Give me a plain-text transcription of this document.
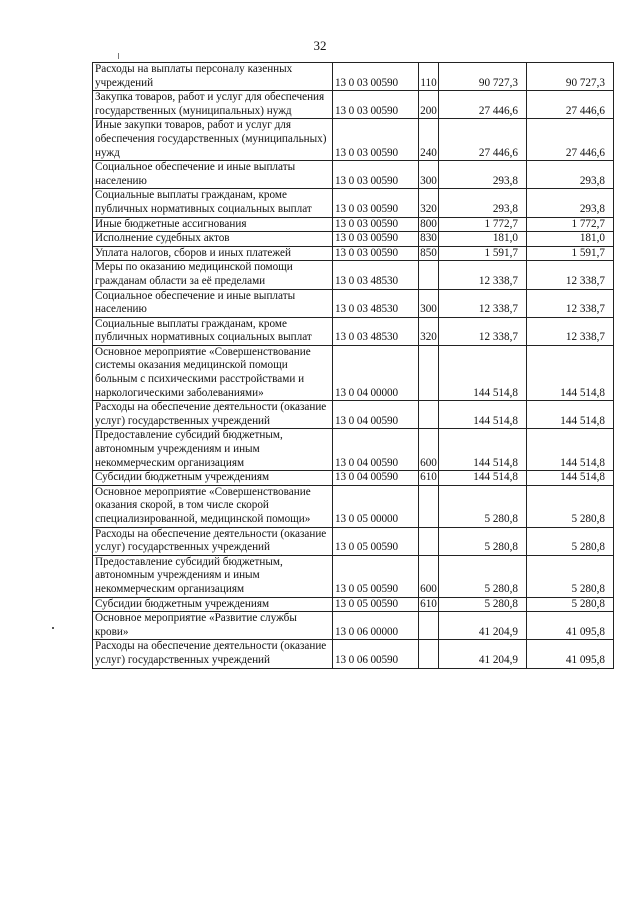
32
Расходы на выплаты персоналу казенных учреждений	13 0 03 00590	110	90 727,3	90 727,3
Закупка товаров, работ и услуг для обеспечения государственных (муниципальных) нужд	13 0 03 00590	200	27 446,6	27 446,6
Иные закупки товаров, работ и услуг для обеспечения государственных (муниципальных) нужд	13 0 03 00590	240	27 446,6	27 446,6
Социальное обеспечение и иные выплаты населению	13 0 03 00590	300	293,8	293,8
Социальные выплаты гражданам, кроме публичных нормативных социальных выплат	13 0 03 00590	320	293,8	293,8
Иные бюджетные ассигнования	13 0 03 00590	800	1 772,7	1 772,7
Исполнение судебных актов	13 0 03 00590	830	181,0	181,0
Уплата налогов, сборов и иных платежей	13 0 03 00590	850	1 591,7	1 591,7
Меры по оказанию медицинской помощи гражданам области за её пределами	13 0 03 48530		12 338,7	12 338,7
Социальное обеспечение и иные выплаты населению	13 0 03 48530	300	12 338,7	12 338,7
Социальные выплаты гражданам, кроме публичных нормативных социальных выплат	13 0 03 48530	320	12 338,7	12 338,7
Основное мероприятие «Совершенствование системы оказания медицинской помощи больным с психическими расстройствами и наркологическими заболеваниями»	13 0 04 00000		144 514,8	144 514,8
Расходы на обеспечение деятельности (оказание услуг) государственных учреждений	13 0 04 00590		144 514,8	144 514,8
Предоставление субсидий бюджетным, автономным учреждениям и иным некоммерческим организациям	13 0 04 00590	600	144 514,8	144 514,8
Субсидии бюджетным учреждениям	13 0 04 00590	610	144 514,8	144 514,8
Основное мероприятие «Совершенствование оказания скорой, в том числе скорой специализированной, медицинской помощи»	13 0 05 00000		5 280,8	5 280,8
Расходы на обеспечение деятельности (оказание услуг) государственных учреждений	13 0 05 00590		5 280,8	5 280,8
Предоставление субсидий бюджетным, автономным учреждениям и иным некоммерческим организациям	13 0 05 00590	600	5 280,8	5 280,8
Субсидии бюджетным учреждениям	13 0 05 00590	610	5 280,8	5 280,8
Основное мероприятие «Развитие службы крови»	13 0 06 00000		41 204,9	41 095,8
Расходы на обеспечение деятельности (оказание услуг) государственных учреждений	13 0 06 00590		41 204,9	41 095,8
